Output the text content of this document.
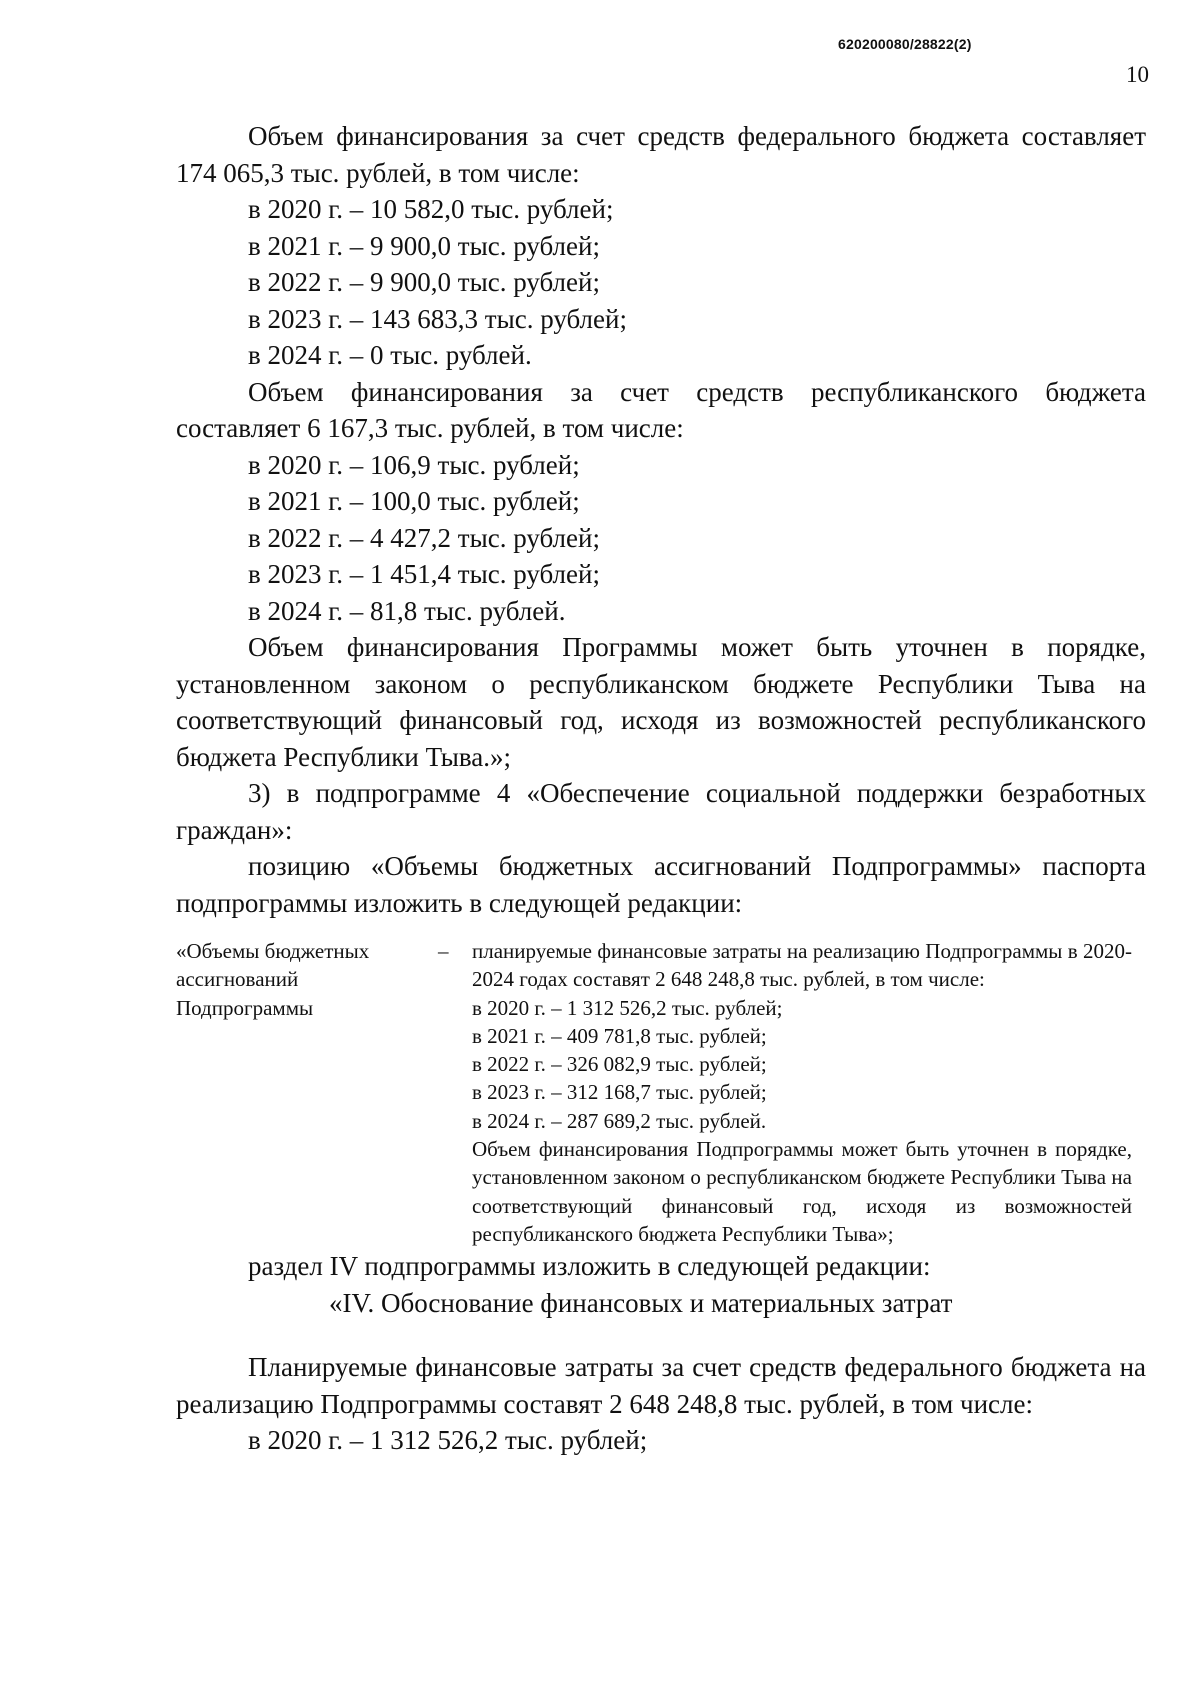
620200080/28822(2)
10

Объем финансирования за счет средств федерального бюджета составляет 174 065,3 тыс. рублей, в том числе:

в 2020 г. – 10 582,0 тыс. рублей;

в 2021 г. – 9 900,0 тыс. рублей;

в 2022 г. – 9 900,0 тыс. рублей;

в 2023 г. – 143 683,3 тыс. рублей;

в 2024 г. – 0 тыс. рублей.

Объем финансирования за счет средств республиканского бюджета составляет 6 167,3 тыс. рублей, в том числе:

в 2020 г. – 106,9 тыс. рублей;

в 2021 г. – 100,0 тыс. рублей;

в 2022 г. – 4 427,2 тыс. рублей;

в 2023 г. – 1 451,4 тыс. рублей;

в 2024 г. – 81,8 тыс. рублей.

Объем финансирования Программы может быть уточнен в порядке, установленном законом о республиканском бюджете Республики Тыва на соответствующий финансовый год, исходя из возможностей республиканского бюджета Республики Тыва.»;

3) в подпрограмме 4 «Обеспечение социальной поддержки безработных граждан»:

позицию «Объемы бюджетных ассигнований Подпрограммы» паспорта подпрограммы изложить в следующей редакции:

«Объемы бюджетных ассигнований Подпрограммы
–	планируемые финансовые затраты на реализацию Подпрограммы в 2020-2024 годах составят 2 648 248,8 тыс. рублей, в том числе:

в 2020 г. – 1 312 526,2 тыс. рублей;

в 2021 г. – 409 781,8 тыс. рублей;

в 2022 г. – 326 082,9 тыс. рублей;

в 2023 г. – 312 168,7 тыс. рублей;

в 2024 г. – 287 689,2 тыс. рублей.

Объем финансирования Подпрограммы может быть уточнен в порядке, установленном законом о республиканском бюджете Республики Тыва на соответствующий финансовый год, исходя из возможностей республиканского бюджета Республики Тыва»;

раздел IV подпрограммы изложить в следующей редакции:

«IV. Обоснование финансовых и материальных затрат

Планируемые финансовые затраты за счет средств федерального бюджета на реализацию Подпрограммы составят 2 648 248,8 тыс. рублей, в том числе:

в 2020 г. – 1 312 526,2 тыс. рублей;
